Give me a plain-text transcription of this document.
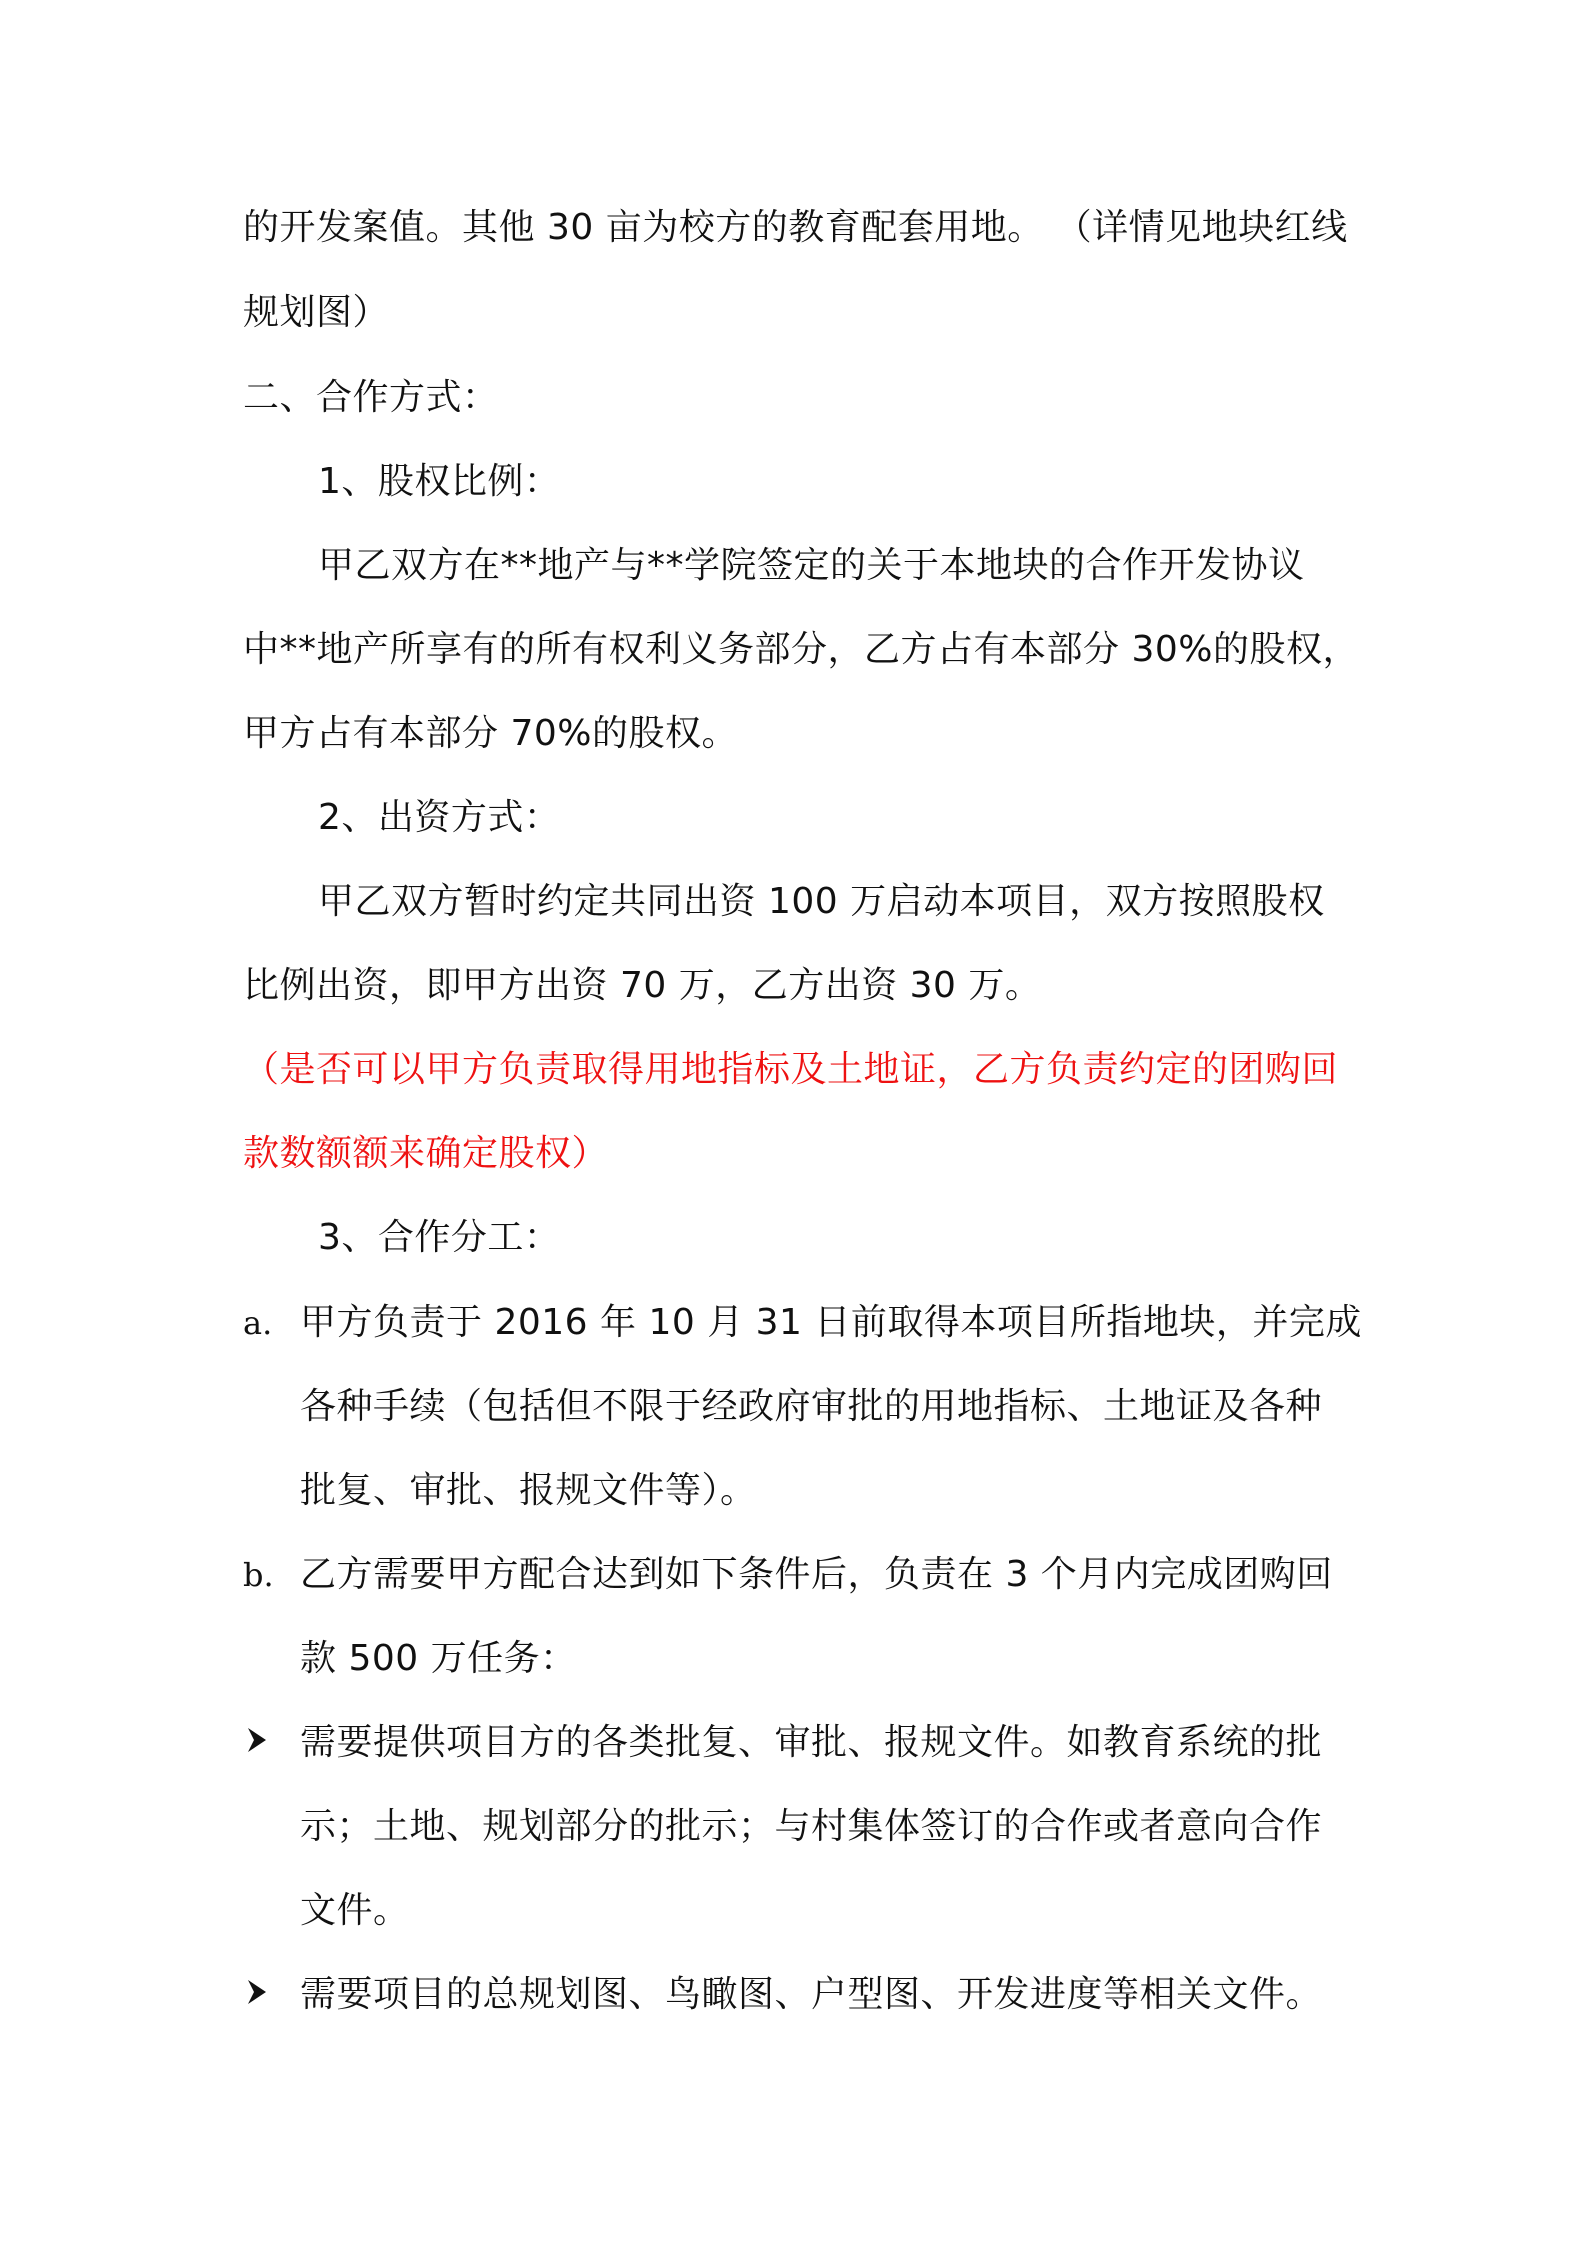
的开发案值。其他 30 亩为校方的教育配套用地。 （详情见地块红线
规划图）
二、合作方式：
1、股权比例：
甲乙双方在**地产与**学院签定的关于本地块的合作开发协议
中**地产所享有的所有权利义务部分，乙方占有本部分 30%的股权，
甲方占有本部分 70%的股权。
2、出资方式：
甲乙双方暂时约定共同出资 100 万启动本项目，双方按照股权
比例出资，即甲方出资 70 万，乙方出资 30 万。
（是否可以甲方负责取得用地指标及土地证，乙方负责约定的团购回
款数额额来确定股权）
3、合作分工：
a. 甲方负责于 2016 年 10 月 31 日前取得本项目所指地块，并完成
各种手续（包括但不限于经政府审批的用地指标、土地证及各种
批复、审批、报规文件等）。
b. 乙方需要甲方配合达到如下条件后，负责在 3 个月内完成团购回
款 500 万任务：
需要提供项目方的各类批复、审批、报规文件。如教育系统的批
示；土地、规划部分的批示；与村集体签订的合作或者意向合作
文件。
需要项目的总规划图、鸟瞰图、户型图、开发进度等相关文件。
